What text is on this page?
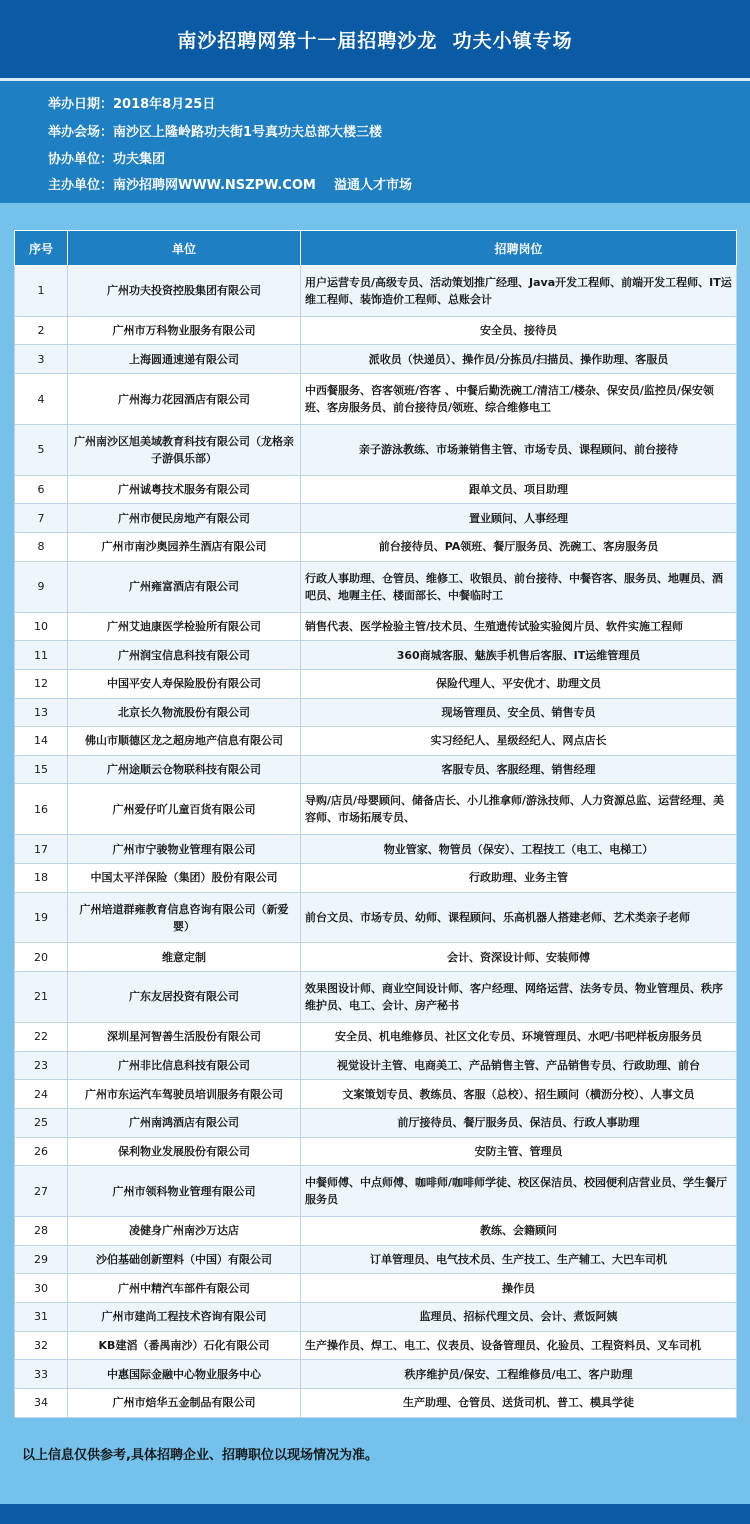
南沙招聘网第十一届招聘沙龙  功夫小镇专场
举办日期：2018年8月25日
举办会场：南沙区上隆岭路功夫街1号真功夫总部大楼三楼
协办单位：功夫集团
主办单位：南沙招聘网WWW.NSZPW.COM    溢通人才市场
序号	单位	招聘岗位
1	广州功夫投资控股集团有限公司	用户运营专员/高级专员、活动策划推广经理、Java开发工程师、前端开发工程师、IT运维工程师、装饰造价工程师、总账会计
2	广州市万科物业服务有限公司	安全员、接待员
3	上海圆通速递有限公司	派收员（快递员）、操作员/分拣员/扫描员、操作助理、客服员
4	广州海力花园酒店有限公司	中西餐服务、咨客领班/咨客 、中餐后勤洗碗工/清洁工/楼杂、保安员/监控员/保安领班、客房服务员、前台接待员/领班、综合维修电工
5	广州南沙区旭美域教育科技有限公司（龙格亲子游俱乐部）	亲子游泳教练、市场兼销售主管、市场专员、课程顾问、前台接待
6	广州诚粤技术服务有限公司	跟单文员、项目助理
7	广州市便民房地产有限公司	置业顾问、人事经理
8	广州市南沙奥园养生酒店有限公司	前台接待员、PA领班、餐厅服务员、洗碗工、客房服务员
9	广州雍富酒店有限公司	行政人事助理、仓管员、维修工、收银员、前台接待、中餐咨客、服务员、地喱员、酒吧员、地喱主任、楼面部长、中餐临时工
10	广州艾迪康医学检验所有限公司	销售代表、医学检验主管/技术员、生殖遗传试验实验阅片员、软件实施工程师
11	广州润宝信息科技有限公司	360商城客服、魅族手机售后客服、IT运维管理员
12	中国平安人寿保险股份有限公司	保险代理人、平安优才、助理文员
13	北京长久物流股份有限公司	现场管理员、安全员、销售专员
14	佛山市顺德区龙之超房地产信息有限公司	实习经纪人、星级经纪人、网点店长
15	广州途顺云仓物联科技有限公司	客服专员、客服经理、销售经理
16	广州爱仔吖儿童百货有限公司	导购/店员/母婴顾问、储备店长、小儿推拿师/游泳技师、人力资源总监、运营经理、美容师、市场拓展专员、
17	广州市宁骏物业管理有限公司	物业管家、物管员（保安）、工程技工（电工、电梯工）
18	中国太平洋保险（集团）股份有限公司	行政助理、业务主管
19	广州培道群雍教育信息咨询有限公司（新爱婴）	前台文员、市场专员、幼师、课程顾问、乐高机器人搭建老师、艺术类亲子老师
20	维意定制	会计、资深设计师、安装师傅
21	广东友居投资有限公司	效果图设计师、商业空间设计师、客户经理、网络运营、法务专员、物业管理员、秩序维护员、电工、会计、房产秘书
22	深圳星河智善生活股份有限公司	安全员、机电维修员、社区文化专员、环境管理员、水吧/书吧样板房服务员
23	广州非比信息科技有限公司	视觉设计主管、电商美工、产品销售主管、产品销售专员、行政助理、前台
24	广州市东运汽车驾驶员培训服务有限公司	文案策划专员、教练员、客服（总校）、招生顾问（横沥分校）、人事文员
25	广州南鸿酒店有限公司	前厅接待员、餐厅服务员、保洁员、行政人事助理
26	保利物业发展股份有限公司	安防主管、管理员
27	广州市领科物业管理有限公司	中餐师傅、中点师傅、咖啡师/咖啡师学徒、校区保洁员、校园便利店营业员、学生餐厅服务员
28	凌健身广州南沙万达店	教练、会籍顾问
29	沙伯基础创新塑料（中国）有限公司	订单管理员、电气技术员、生产技工、生产辅工、大巴车司机
30	广州中精汽车部件有限公司	操作员
31	广州市建尚工程技术咨询有限公司	监理员、招标代理文员、会计、煮饭阿姨
32	KB建滔（番禺南沙）石化有限公司	生产操作员、焊工、电工、仪表员、设备管理员、化验员、工程资料员、叉车司机
33	中惠国际金融中心物业服务中心	秩序维护员/保安、工程维修员/电工、客户助理
34	广州市焙华五金制品有限公司	生产助理、仓管员、送货司机、普工、模具学徒
以上信息仅供参考,具体招聘企业、招聘职位以现场情况为准。
